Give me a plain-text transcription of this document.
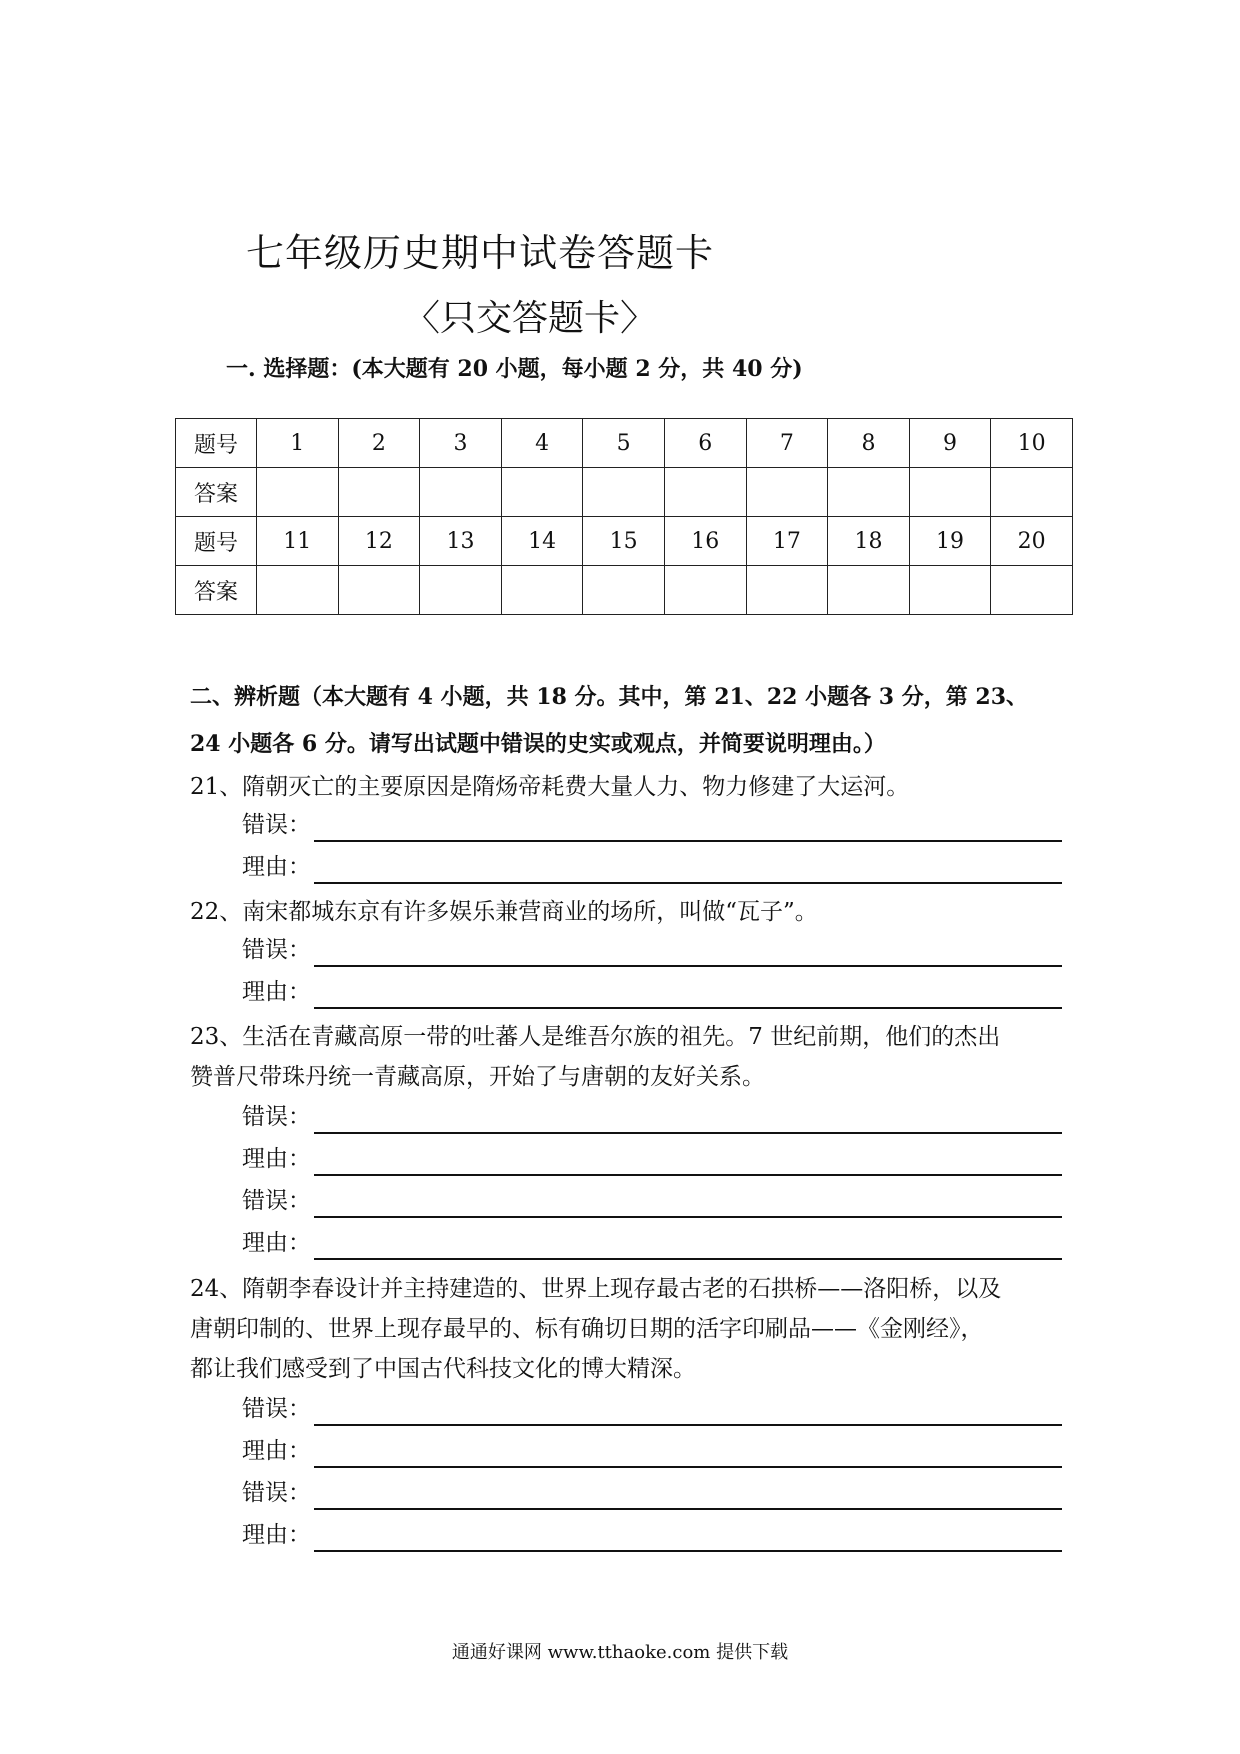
七年级历史期中试卷答题卡
〈只交答题卡〉
一. 选择题：(本大题有 20 小题，每小题 2 分，共 40 分)
题号	1	2	3	4	5	6	7	8	9	10
答案										
题号	11	12	13	14	15	16	17	18	19	20
答案										
二、辨析题（本大题有 4 小题，共 18 分。其中，第 21、22 小题各 3 分，第 23、
24 小题各 6 分。请写出试题中错误的史实或观点，并简要说明理由。）
21、隋朝灭亡的主要原因是隋炀帝耗费大量人力、物力修建了大运河。
错误：
理由：
22、南宋都城东京有许多娱乐兼营商业的场所，叫做“瓦子”。
错误：
理由：
23、生活在青藏高原一带的吐蕃人是维吾尔族的祖先。7 世纪前期，他们的杰出
赞普尺带珠丹统一青藏高原，开始了与唐朝的友好关系。
错误：
理由：
错误：
理由：
24、隋朝李春设计并主持建造的、世界上现存最古老的石拱桥——洛阳桥，以及
唐朝印制的、世界上现存最早的、标有确切日期的活字印刷品——《金刚经》，
都让我们感受到了中国古代科技文化的博大精深。
错误：
理由：
错误：
理由：
通通好课网 www.tthaoke.com 提供下载
